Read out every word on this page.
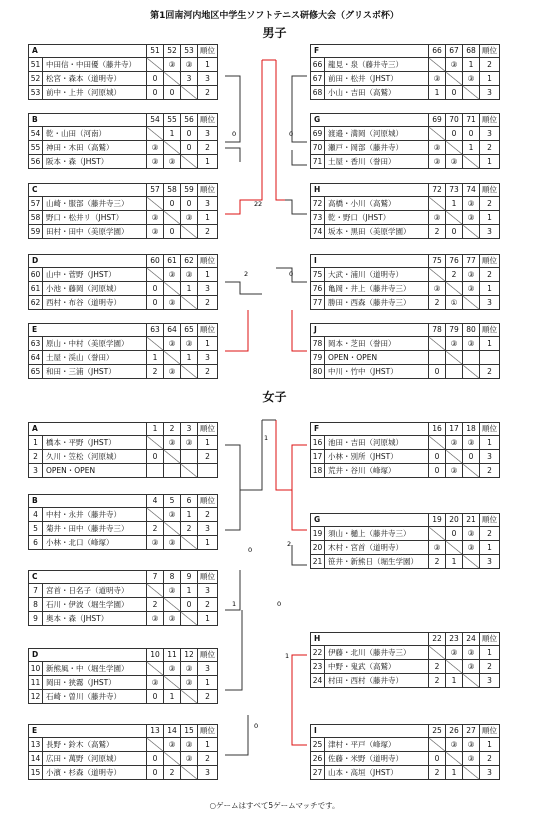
第1回南河内地区中学生ソフトテニス研修大会（グリスボ杯）
男子
女子
A		51	52	53	順位
51	中田信・中田優（藤井寺）		③	③	1
52	松宮・森本（道明寺）	0		3	3
53	前中・上井（河原城）	0	0		2
B		54	55	56	順位
54	乾・山田（河南）		1	0	3
55	神田・木田（高鷲）	③		0	2
56	阪本・森（JHST）	③	③		1
C		57	58	59	順位
57	山崎・服部（藤井寺三）		0	0	3
58	野口・松井リ（JHST）	③		③	1
59	田村・田中（美原学園）	③	0		2
D		60	61	62	順位
60	山中・菅野（JHST）		③	③	1
61	小池・藤岡（河原城）	0		1	3
62	西村・布谷（道明寺）	0	③		2
E		63	64	65	順位
63	原山・中村（美原学園）		③	③	1
64	土屋・渓山（誉田）	1		1	3
65	和田・三浦（JHST）	2	③		2
F		66	67	68	順位
66	龍見・泉（藤井寺三）		③	1	2
67	前田・松井（JHST）	③		③	1
68	小山・吉田（高鷲）	1	0		3
G		69	70	71	順位
69	渡邉・満岡（河原城）		0	0	3
70	瀬戸・岡部（藤井寺）	③		1	2
71	土屋・香川（誉田）	③	③		1
H		72	73	74	順位
72	高橋・小川（高鷲）		1	③	2
73	乾・野口（JHST）	③		③	1
74	坂本・黒田（美原学園）	2	0		3
I		75	76	77	順位
75	大武・浦川（道明寺）		2	③	2
76	亀岡・井上（藤井寺三）	③		③	1
77	勝田・西森（藤井寺三）	2	①		3
J		78	79	80	順位
78	岡本・芝田（誉田）		③	③	1
79	OPEN・OPEN				
80	中川・竹中（JHST）	0			2
A		1	2	3	順位
1	橋本・平野（JHST）		③	③	1
2	久川・笠松（河原城）	0			2
3	OPEN・OPEN				
B		4	5	6	順位
4	中村・永井（藤井寺）		③	1	2
5	菊井・田中（藤井寺三）	2		2	3
6	小林・北口（峰塚）	③	③		1
C		7	8	9	順位
7	宮首・日名子（道明寺）		③	1	3
8	石川・伊波（堀生学園）	2		0	2
9	奥本・森（JHST）	③	③		1
D		10	11	12	順位
10	新熊風・中（堀生学園）		③	③	3
11	岡田・狭霧（JHST）	③		③	1
12	石崎・曽川（藤井寺）	0	1		2
E		13	14	15	順位
13	長野・鈴木（高鷲）		③	③	1
14	広田・萬野（河原城）	0		③	2
15	小濱・杉森（道明寺）	0	2		3
F		16	17	18	順位
16	池田・吉田（河原城）		③	③	1
17	小林・別所（JHST）	0		0	3
18	荒井・谷川（峰塚）	0	③		2
G		19	20	21	順位
19	須山・樋上（藤井寺三）		0	③	2
20	木村・宮首（道明寺）	③		③	1
21	笹井・新熊日（堀生学園）	2	1		3
H		22	23	24	順位
22	伊藤・北川（藤井寺三）		③	③	1
23	中野・鬼武（高鷲）	2		③	2
24	村田・西村（藤井寺）	2	1		3
I		25	26	27	順位
25	津村・平戸（峰塚）		③	③	1
26	佐藤・米野（道明寺）	0		③	2
27	山本・高垣（JHST）	2	1		3
0
2
2
0
0
2
2
1	0
0
1
0
1
○ゲームはすべて5ゲームマッチです。
